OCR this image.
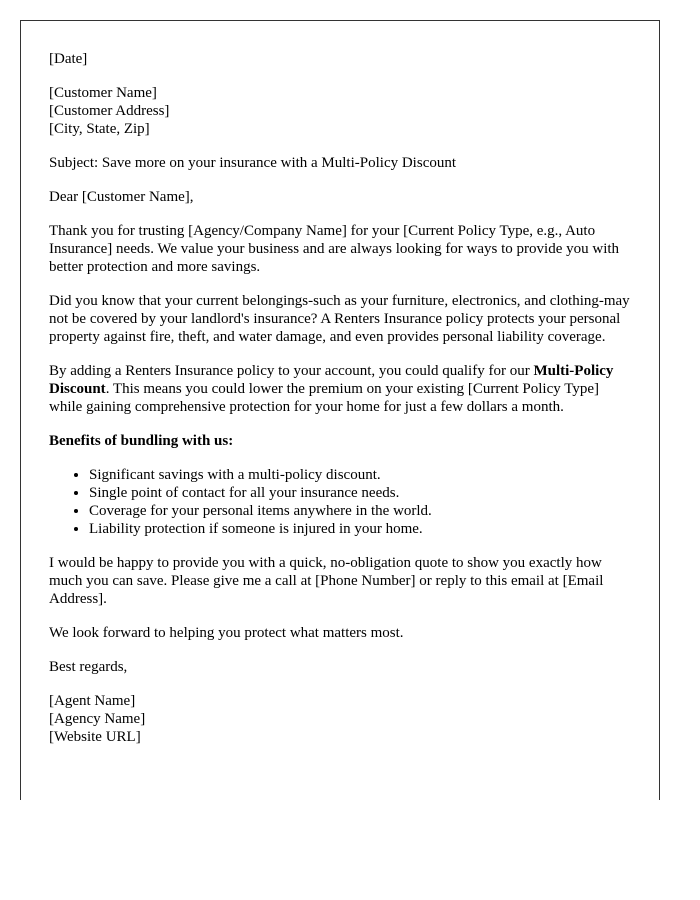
[Date]

[Customer Name]
[Customer Address]
[City, State, Zip]

Subject: Save more on your insurance with a Multi-Policy Discount

Dear [Customer Name],

Thank you for trusting [Agency/Company Name] for your [Current Policy Type, e.g., Auto Insurance] needs. We value your business and are always looking for ways to provide you with better protection and more savings.

Did you know that your current belongings-such as your furniture, electronics, and clothing-may not be covered by your landlord's insurance? A Renters Insurance policy protects your personal property against fire, theft, and water damage, and even provides personal liability coverage.

By adding a Renters Insurance policy to your account, you could qualify for our Multi-Policy Discount. This means you could lower the premium on your existing [Current Policy Type] while gaining comprehensive protection for your home for just a few dollars a month.

Benefits of bundling with us:

• Significant savings with a multi-policy discount.
• Single point of contact for all your insurance needs.
• Coverage for your personal items anywhere in the world.
• Liability protection if someone is injured in your home.

I would be happy to provide you with a quick, no-obligation quote to show you exactly how much you can save. Please give me a call at [Phone Number] or reply to this email at [Email Address].

We look forward to helping you protect what matters most.

Best regards,

[Agent Name]
[Agency Name]
[Website URL]
